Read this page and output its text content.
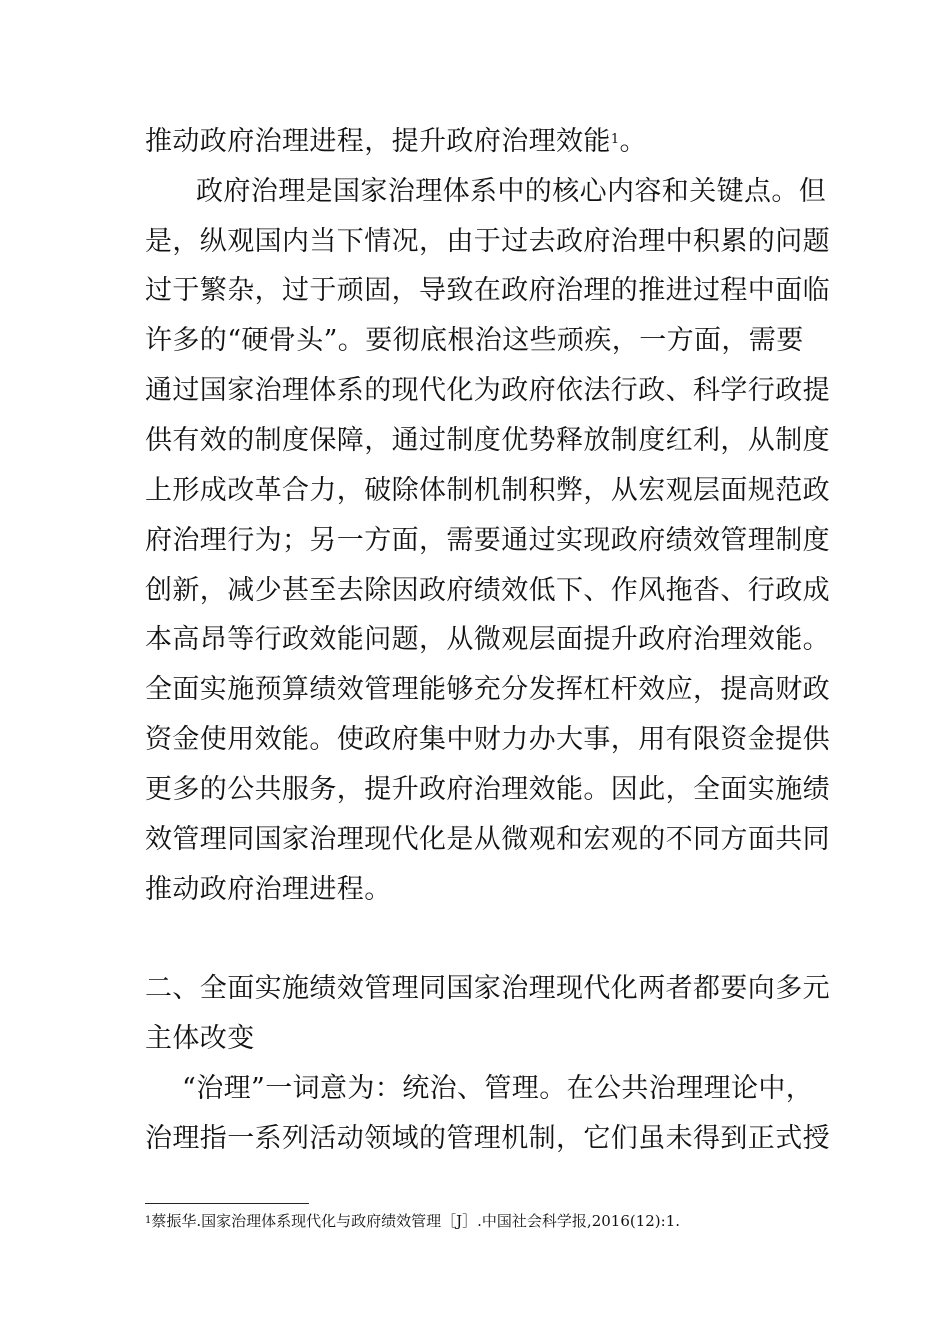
推动政府治理进程，提升政府治理效能$^1$。
政府治理是国家治理体系中的核心内容和关键点。但
是，纵观国内当下情况，由于过去政府治理中积累的问题
过于繁杂，过于顽固，导致在政府治理的推进过程中面临
许多的“硬骨头”。要彻底根治这些顽疾，一方面，需要
通过国家治理体系的现代化为政府依法行政、科学行政提
供有效的制度保障，通过制度优势释放制度红利，从制度
上形成改革合力，破除体制机制积弊，从宏观层面规范政
府治理行为；另一方面，需要通过实现政府绩效管理制度
创新，减少甚至去除因政府绩效低下、作风拖沓、行政成
本高昂等行政效能问题，从微观层面提升政府治理效能。
全面实施预算绩效管理能够充分发挥杠杆效应，提高财政
资金使用效能。使政府集中财力办大事，用有限资金提供
更多的公共服务，提升政府治理效能。因此，全面实施绩
效管理同国家治理现代化是从微观和宏观的不同方面共同
推动政府治理进程。
二、全面实施绩效管理同国家治理现代化两者都要向多元
主体改变
“治理”一词意为：统治、管理。在公共治理理论中，
治理指一系列活动领域的管理机制，它们虽未得到正式授
$^1$蔡振华.国家治理体系现代化与政府绩效管理［J］.中国社会科学报,2016(12):1.
